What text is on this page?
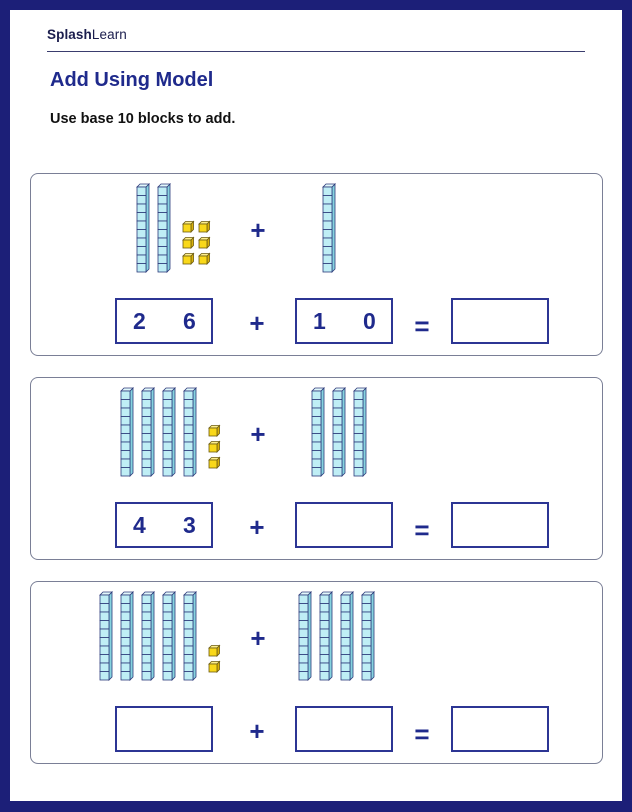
SplashLearn
Add Using Model
Use base 10 blocks to add.
+
2 6 +	1 0 =
+
4 3 +	=
+
+	=
